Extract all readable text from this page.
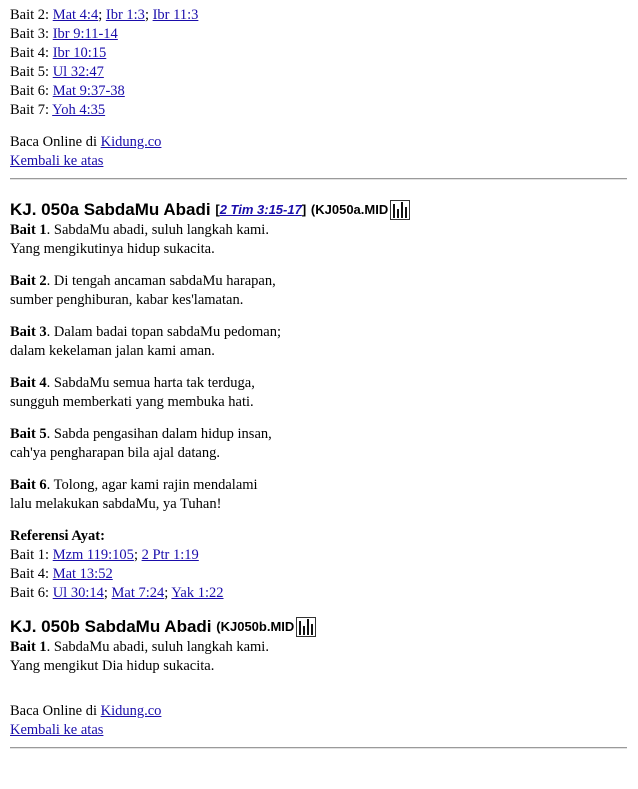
Bait 2: Mat 4:4; Ibr 1:3; Ibr 11:3
Bait 3: Ibr 9:11-14
Bait 4: Ibr 10:15
Bait 5: Ul 32:47
Bait 6: Mat 9:37-38
Bait 7: Yoh 4:35
Baca Online di Kidung.co
Kembali ke atas
KJ. 050a SabdaMu Abadi
[ 2 Tim 3:15-17 ]
(KJ050a.MID
Bait 1. SabdaMu abadi, suluh langkah kami.
Yang mengikutinya hidup sukacita.
Bait 2. Di tengah ancaman sabdaMu harapan,
sumber penghiburan, kabar kes'lamatan.
Bait 3. Dalam badai topan sabdaMu pedoman;
dalam kekelaman jalan kami aman.
Bait 4. SabdaMu semua harta tak terduga,
sungguh memberkati yang membuka hati.
Bait 5. Sabda pengasihan dalam hidup insan,
cah'ya pengharapan bila ajal datang.
Bait 6. Tolong, agar kami rajin mendalami
lalu melakukan sabdaMu, ya Tuhan!
Referensi Ayat:
Bait 1: Mzm 119:105; 2 Ptr 1:19
Bait 4: Mat 13:52
Bait 6: Ul 30:14; Mat 7:24; Yak 1:22
KJ. 050b SabdaMu Abadi
(KJ050b.MID
Bait 1. SabdaMu abadi, suluh langkah kami.
Yang mengikut Dia hidup sukacita.
Baca Online di Kidung.co
Kembali ke atas
